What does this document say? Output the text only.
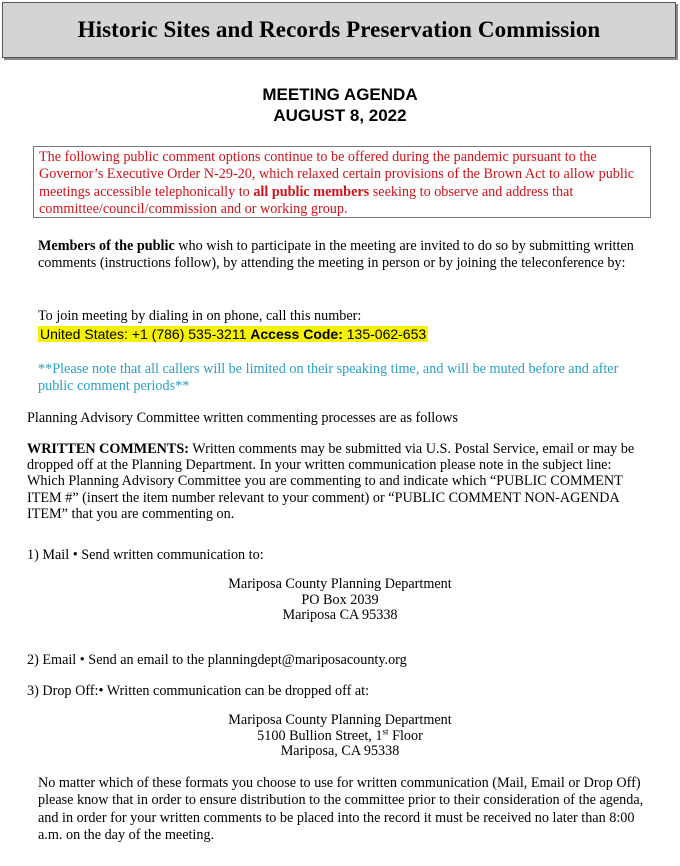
Historic Sites and Records Preservation Commission
MEETING AGENDA
AUGUST 8, 2022
The following public comment options continue to be offered during the pandemic pursuant to the Governor’s Executive Order N-29-20, which relaxed certain provisions of the Brown Act to allow public meetings accessible telephonically to all public members seeking to observe and address that committee/council/commission and or working group.

Members of the public who wish to participate in the meeting are invited to do so by submitting written comments (instructions follow), by attending the meeting in person or by joining the teleconference by:

To join meeting by dialing in on phone, call this number:

United States: +1 (786) 535-3211 Access Code: 135-062-653

**Please note that all callers will be limited on their speaking time, and will be muted before and after public comment periods**

Planning Advisory Committee written commenting processes are as follows

WRITTEN COMMENTS: Written comments may be submitted via U.S. Postal Service, email or may be dropped off at the Planning Department. In your written communication please note in the subject line: Which Planning Advisory Committee you are commenting to and indicate which “PUBLIC COMMENT ITEM #” (insert the item number relevant to your comment) or “PUBLIC COMMENT NON-AGENDA ITEM” that you are commenting on.

1) Mail • Send written communication to:

Mariposa County Planning Department
PO Box 2039
Mariposa CA 95338

2) Email • Send an email to the planningdept@mariposacounty.org

3) Drop Off:• Written communication can be dropped off at:

Mariposa County Planning Department
5100 Bullion Street, 1st Floor
Mariposa, CA 95338

No matter which of these formats you choose to use for written communication (Mail, Email or Drop Off) please know that in order to ensure distribution to the committee prior to their consideration of the agenda, and in order for your written comments to be placed into the record it must be received no later than 8:00 a.m. on the day of the meeting.
